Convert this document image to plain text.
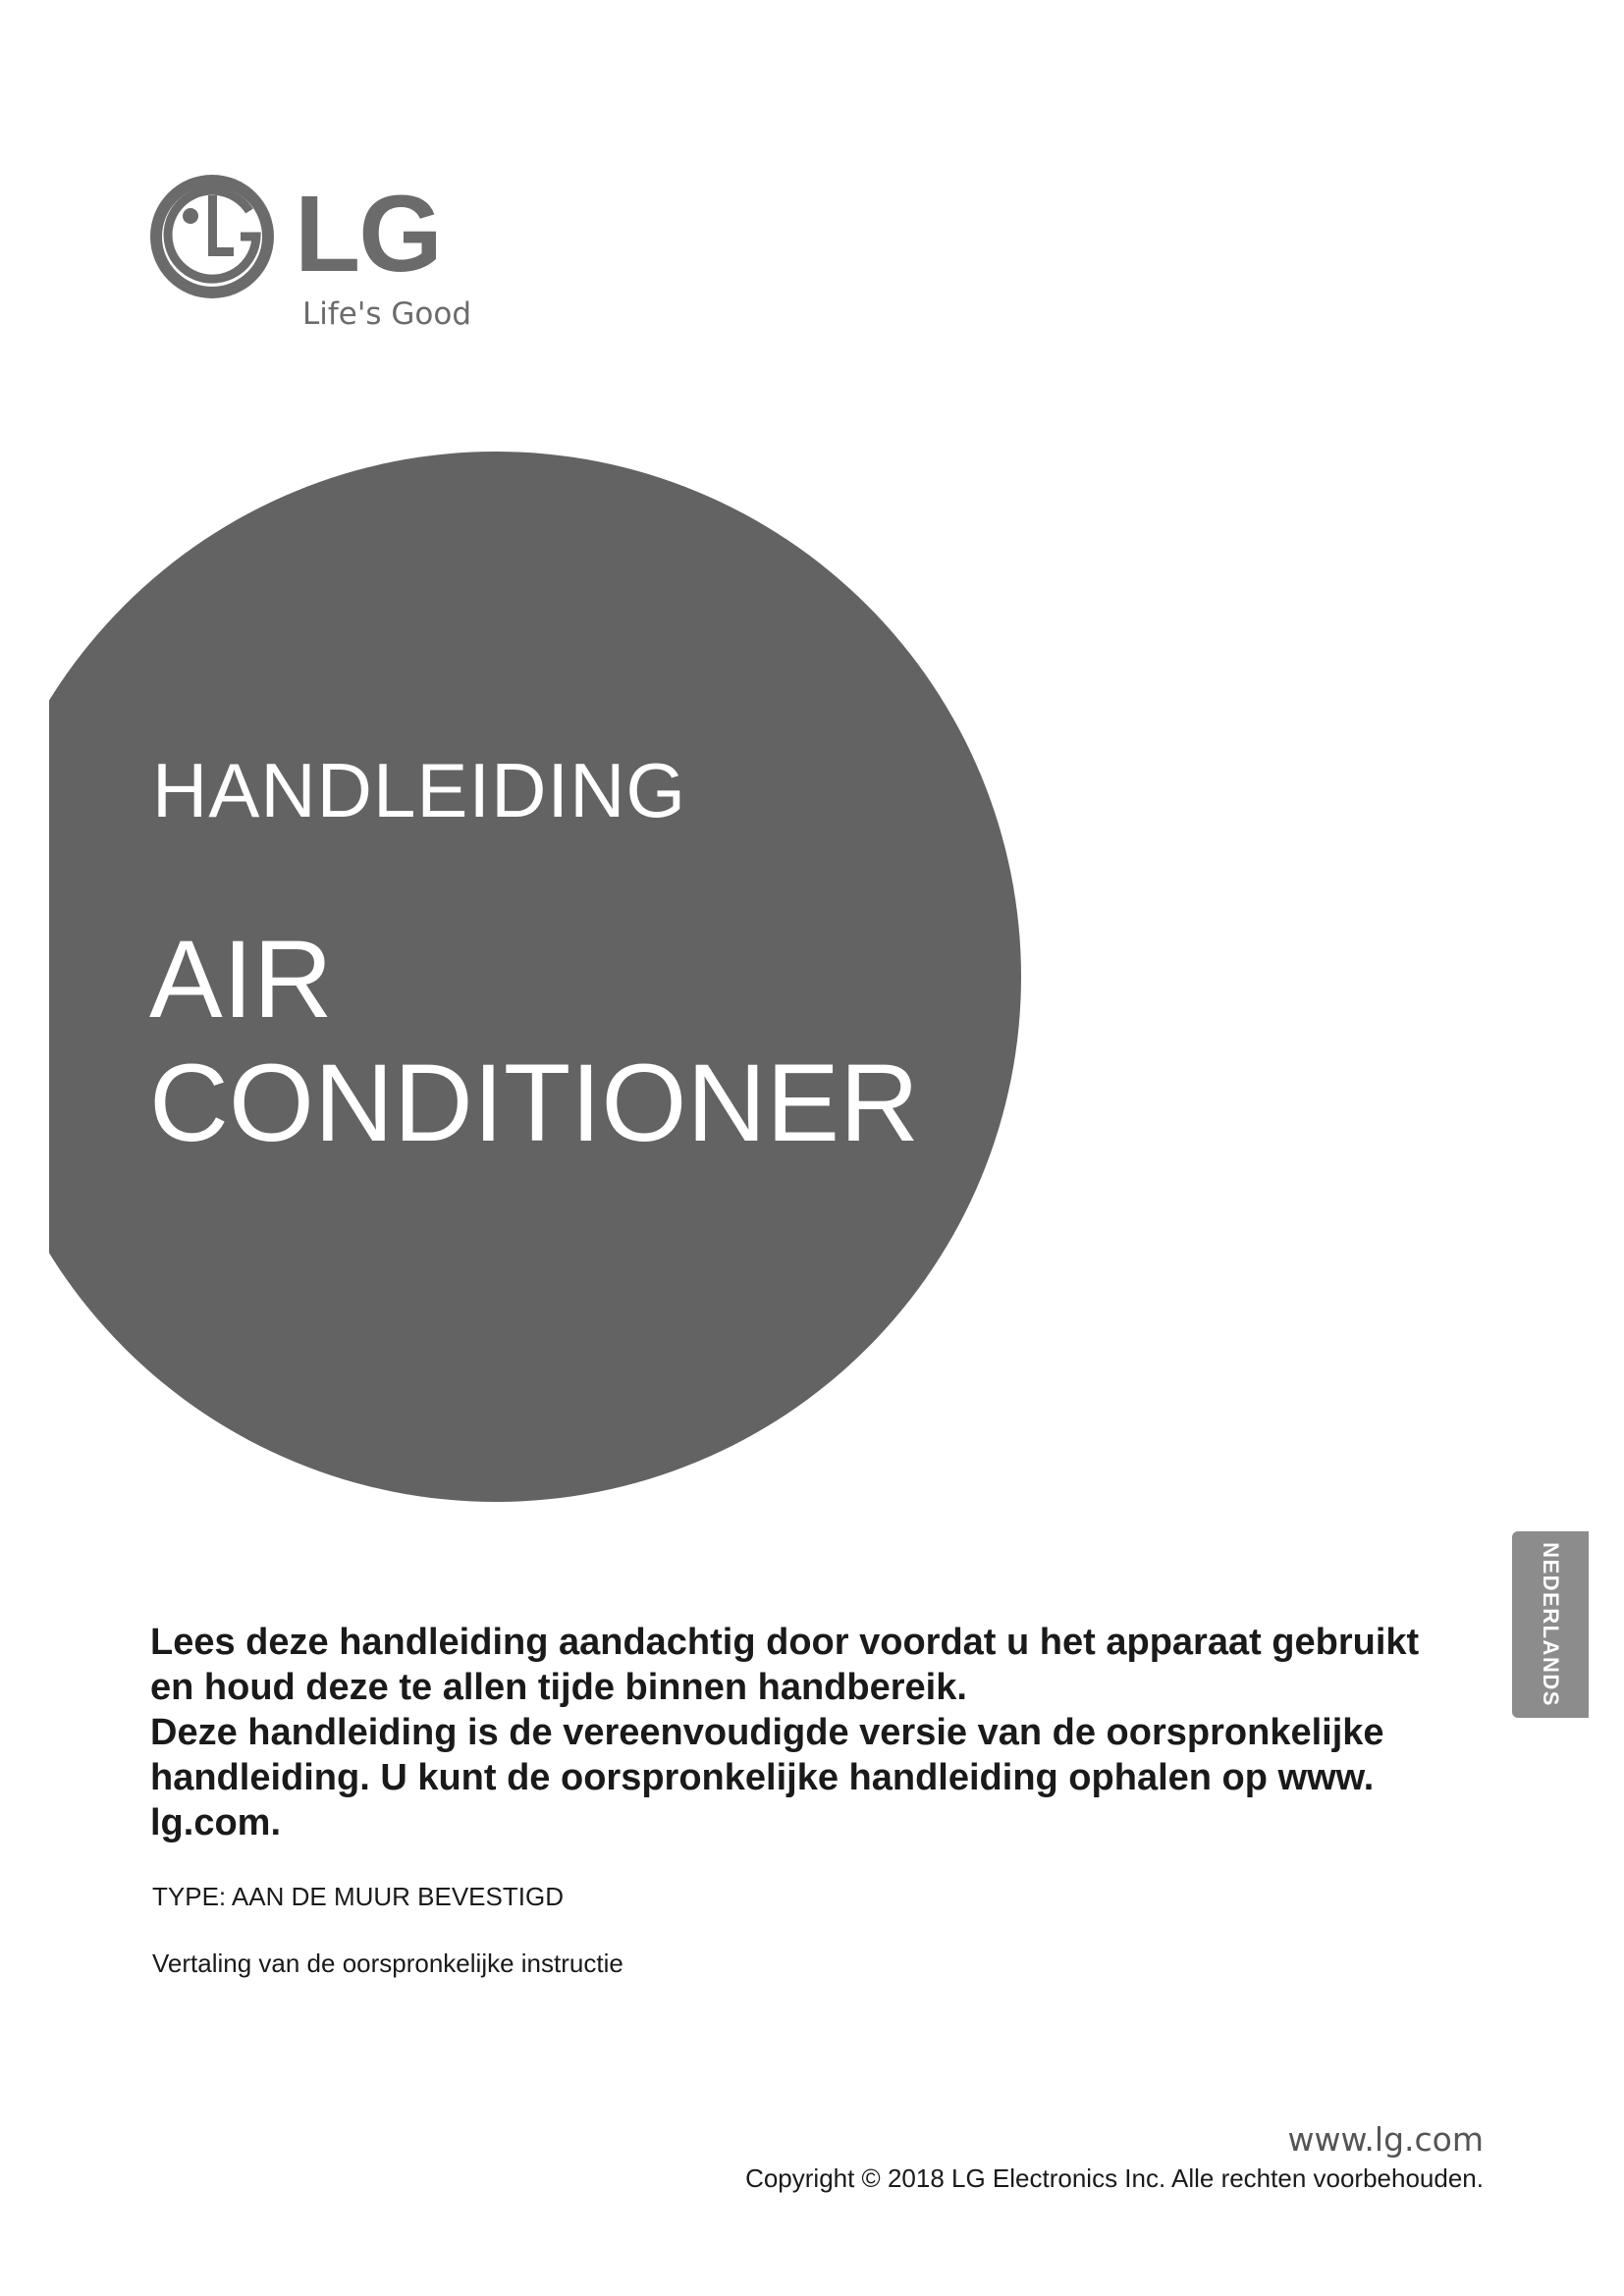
LG
Life's Good
HANDLEIDING
AIR
CONDITIONER
NEDERLANDS
Lees deze handleiding aandachtig door voordat u het apparaat gebruikt
en houd deze te allen tijde binnen handbereik.
Deze handleiding is de vereenvoudigde versie van de oorspronkelijke
handleiding. U kunt de oorspronkelijke handleiding ophalen op www.
lg.com.
TYPE: AAN DE MUUR BEVESTIGD
Vertaling van de oorspronkelijke instructie
www.lg.com
Copyright © 2018 LG Electronics Inc. Alle rechten voorbehouden.
